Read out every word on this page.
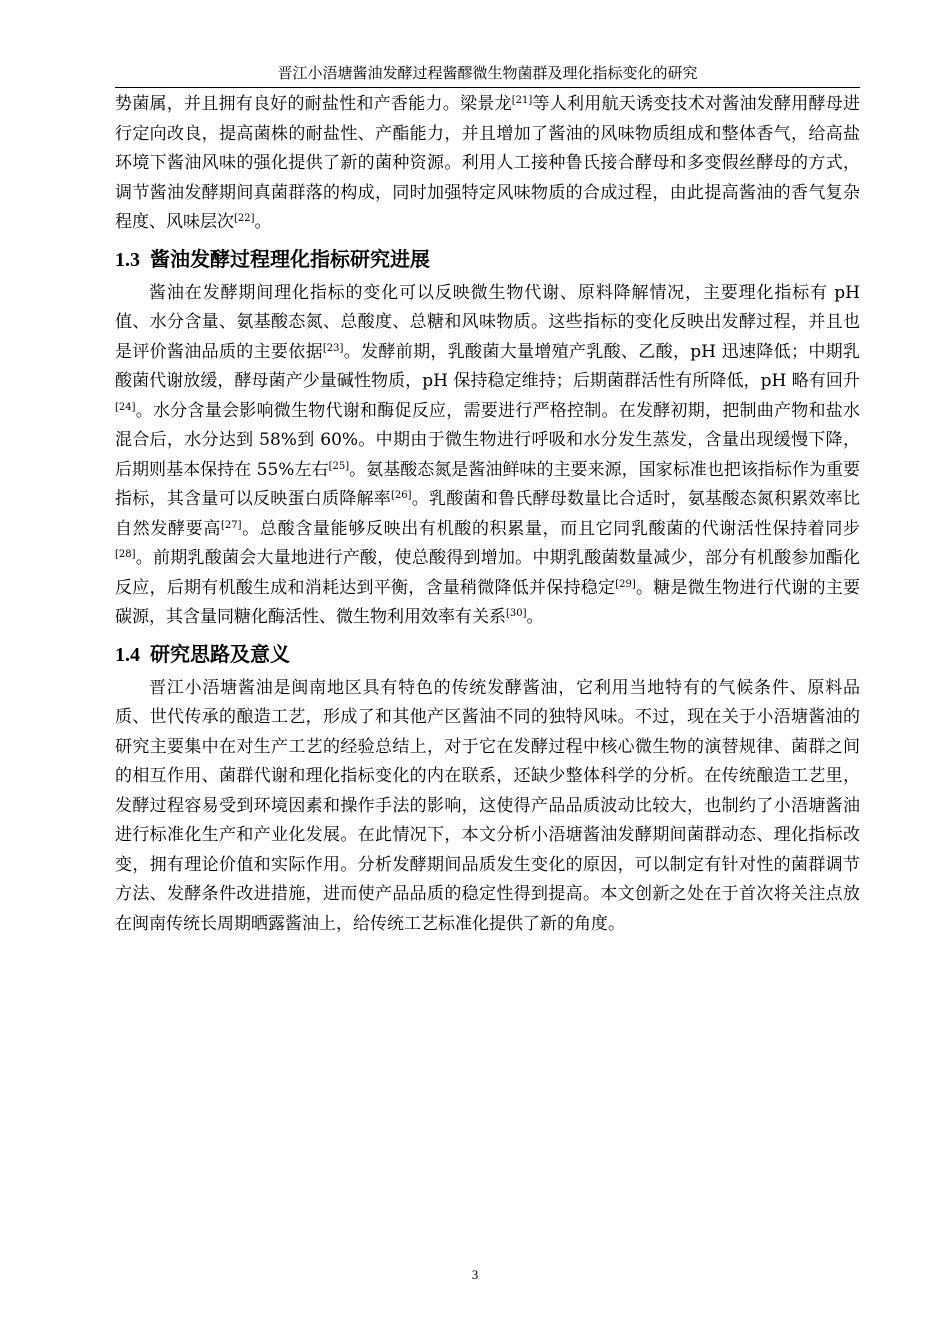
晋江小浯塘酱油发酵过程酱醪微生物菌群及理化指标变化的研究

势菌属，并且拥有良好的耐盐性和产香能力。梁景龙[21]等人利用航天诱变技术对酱油发酵用酵母进行定向改良，提高菌株的耐盐性、产酯能力，并且增加了酱油的风味物质组成和整体香气，给高盐环境下酱油风味的强化提供了新的菌种资源。利用人工接种鲁氏接合酵母和多变假丝酵母的方式，调节酱油发酵期间真菌群落的构成，同时加强特定风味物质的合成过程，由此提高酱油的香气复杂程度、风味层次[22]。

1.3 酱油发酵过程理化指标研究进展

酱油在发酵期间理化指标的变化可以反映微生物代谢、原料降解情况，主要理化指标有 pH 值、水分含量、氨基酸态氮、总酸度、总糖和风味物质。这些指标的变化反映出发酵过程，并且也是评价酱油品质的主要依据[23]。发酵前期，乳酸菌大量增殖产乳酸、乙酸，pH 迅速降低；中期乳酸菌代谢放缓，酵母菌产少量碱性物质，pH 保持稳定维持；后期菌群活性有所降低，pH 略有回升[24]。水分含量会影响微生物代谢和酶促反应，需要进行严格控制。在发酵初期，把制曲产物和盐水混合后，水分达到 58%到 60%。中期由于微生物进行呼吸和水分发生蒸发，含量出现缓慢下降，后期则基本保持在 55%左右[25]。氨基酸态氮是酱油鲜味的主要来源，国家标准也把该指标作为重要指标，其含量可以反映蛋白质降解率[26]。乳酸菌和鲁氏酵母数量比合适时，氨基酸态氮积累效率比自然发酵要高[27]。总酸含量能够反映出有机酸的积累量，而且它同乳酸菌的代谢活性保持着同步[28]。前期乳酸菌会大量地进行产酸，使总酸得到增加。中期乳酸菌数量减少，部分有机酸参加酯化反应，后期有机酸生成和消耗达到平衡，含量稍微降低并保持稳定[29]。糖是微生物进行代谢的主要碳源，其含量同糖化酶活性、微生物利用效率有关系[30]。

1.4 研究思路及意义

晋江小浯塘酱油是闽南地区具有特色的传统发酵酱油，它利用当地特有的气候条件、原料品质、世代传承的酿造工艺，形成了和其他产区酱油不同的独特风味。不过，现在关于小浯塘酱油的研究主要集中在对生产工艺的经验总结上，对于它在发酵过程中核心微生物的演替规律、菌群之间的相互作用、菌群代谢和理化指标变化的内在联系，还缺少整体科学的分析。在传统酿造工艺里，发酵过程容易受到环境因素和操作手法的影响，这使得产品品质波动比较大，也制约了小浯塘酱油进行标准化生产和产业化发展。在此情况下，本文分析小浯塘酱油发酵期间菌群动态、理化指标改变，拥有理论价值和实际作用。分析发酵期间品质发生变化的原因，可以制定有针对性的菌群调节方法、发酵条件改进措施，进而使产品品质的稳定性得到提高。本文创新之处在于首次将关注点放在闽南传统长周期晒露酱油上，给传统工艺标准化提供了新的角度。

3
